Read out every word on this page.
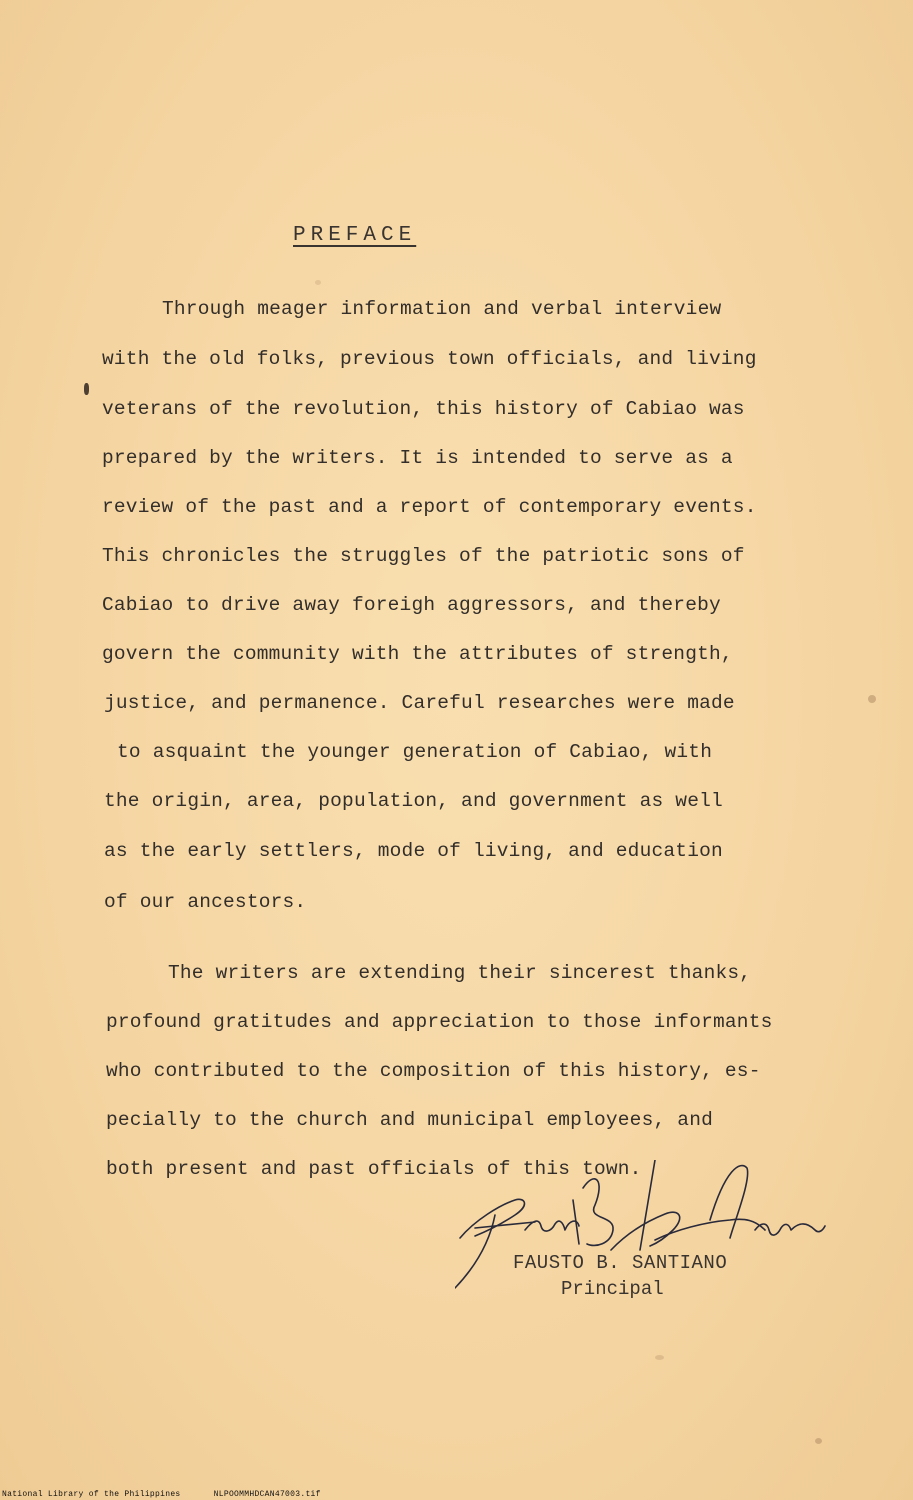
PREFACE
Through meager information and verbal interview
with the old folks, previous town officials, and living
veterans of the revolution, this history of Cabiao was
prepared by the writers. It is intended to serve as a
review of the past and a report of contemporary events.
This chronicles the struggles of the patriotic sons of
Cabiao to drive away foreigh aggressors, and thereby
govern the community with the attributes of strength,
justice, and permanence. Careful researches were made
to asquaint the younger generation of Cabiao, with
the origin, area, population, and government as well
as the early settlers, mode of living, and education
of our ancestors.
The writers are extending their sincerest thanks,
profound gratitudes and appreciation to those informants
who contributed to the composition of this history, es-
pecially to the church and municipal employees, and
both present and past officials of this town.
FAUSTO B. SANTIANO
Principal
National Library of the Philippines	NLPOOMMHDCAN47003.tif
